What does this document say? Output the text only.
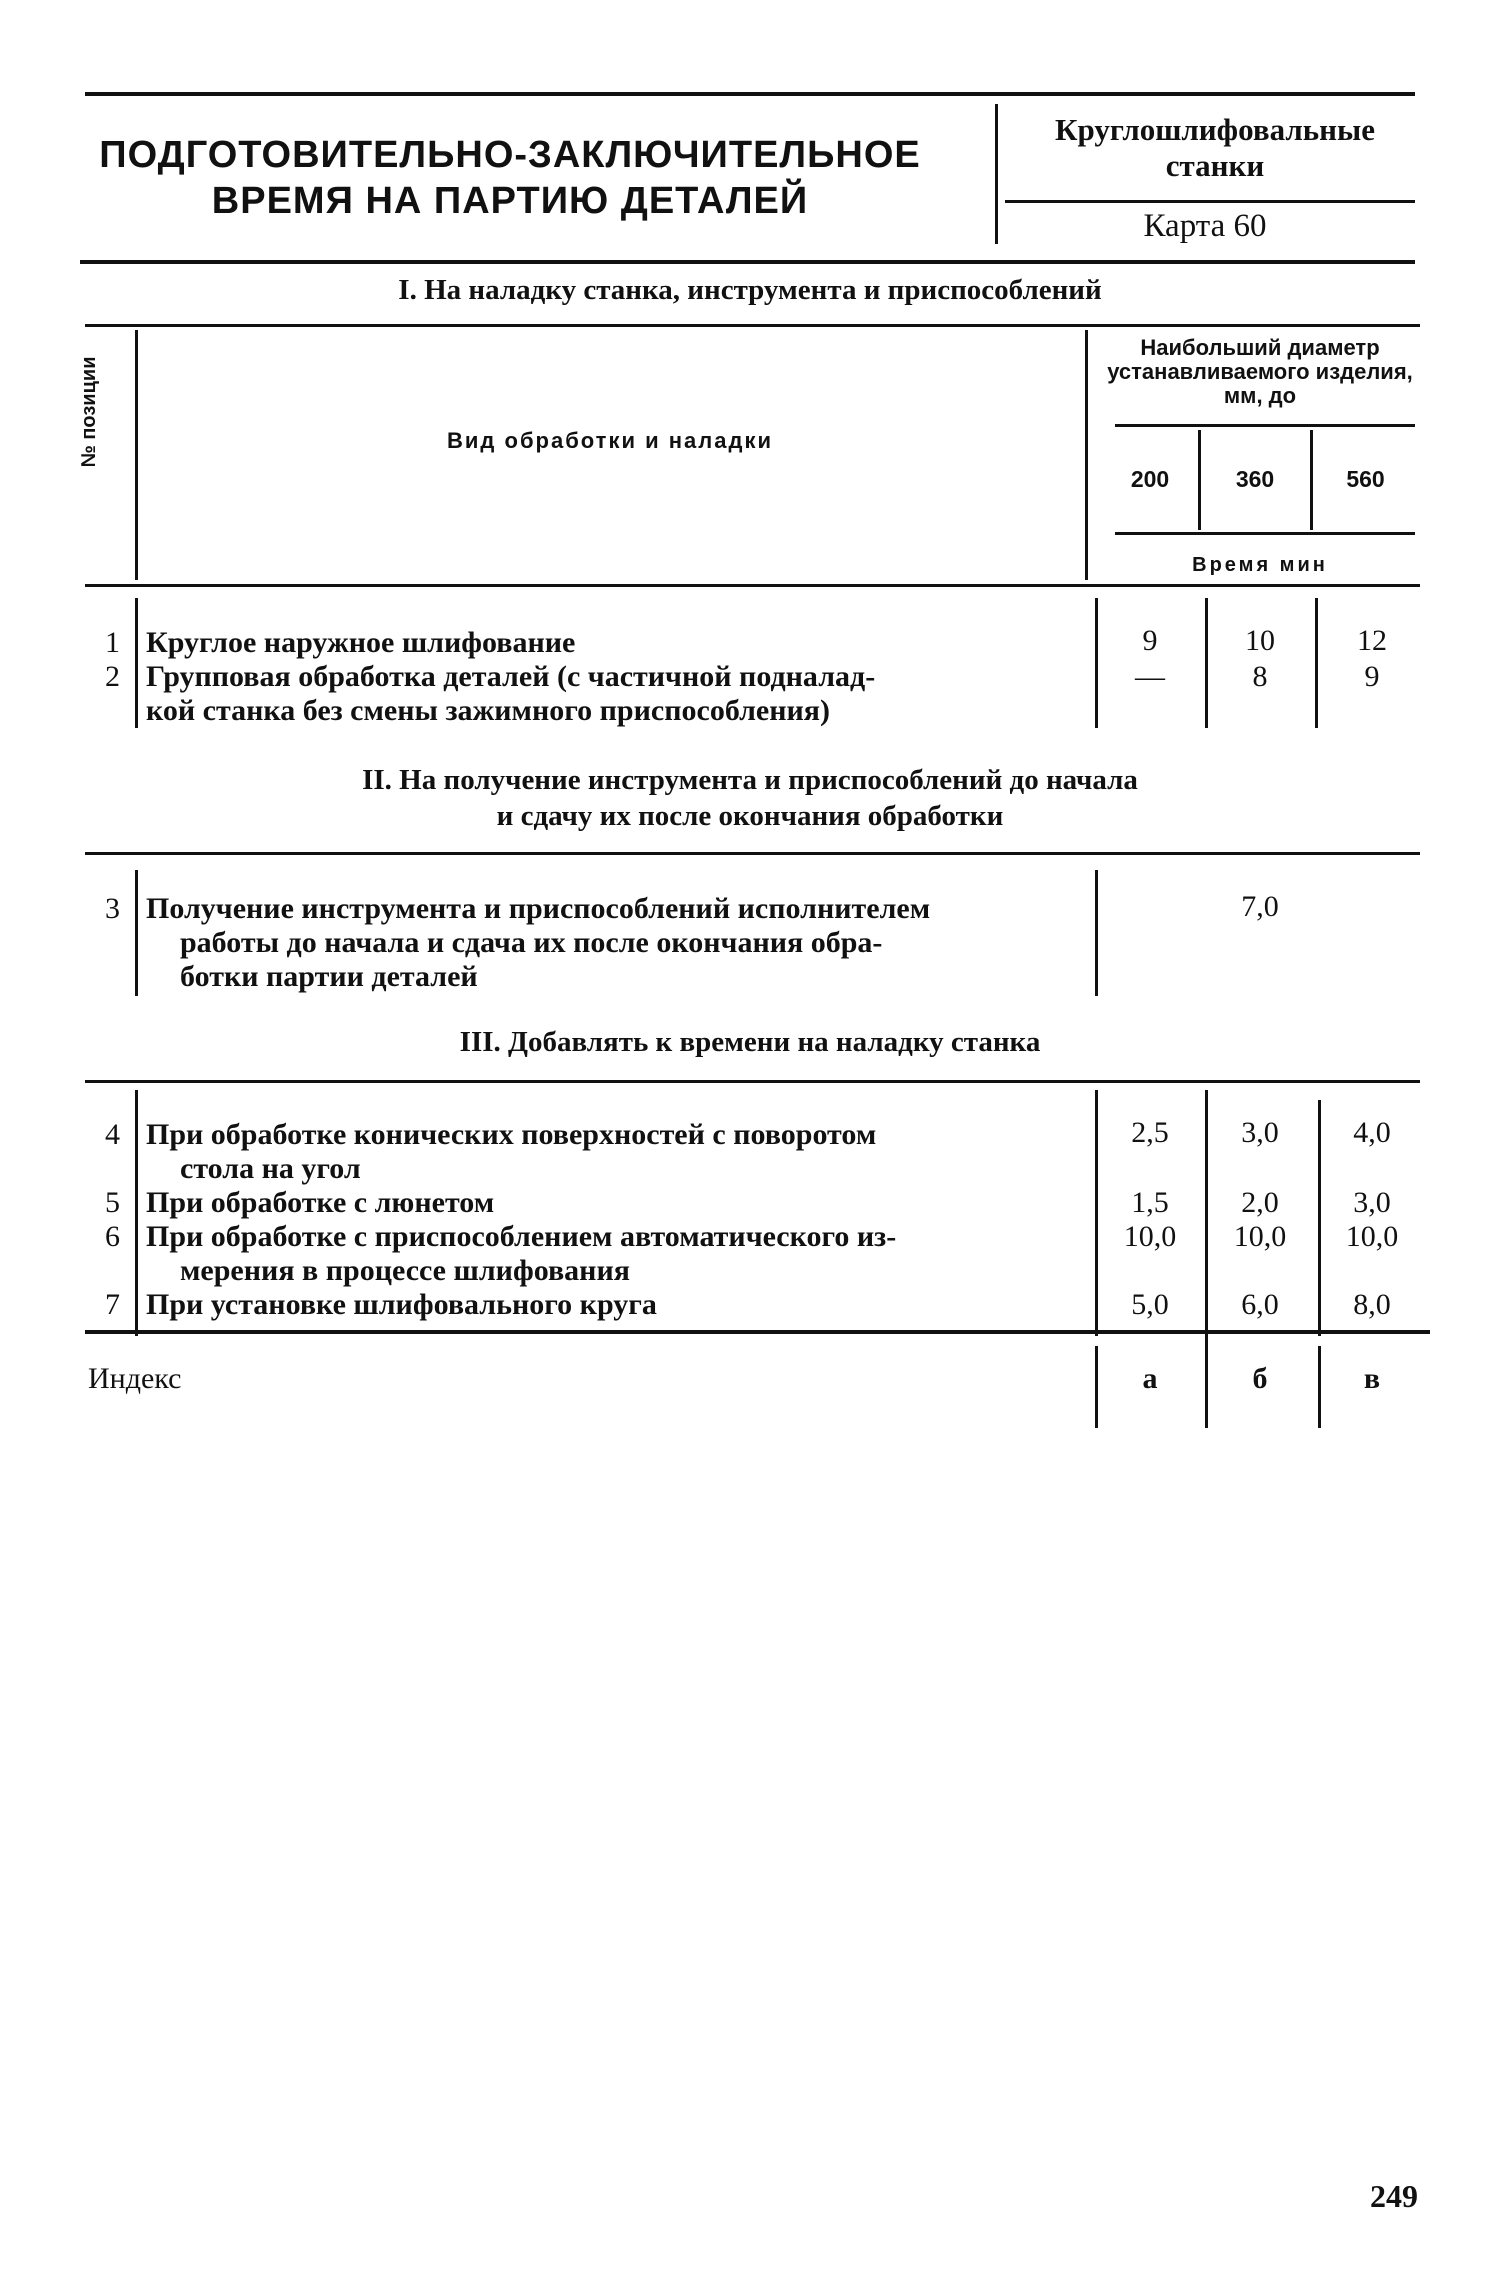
ПОДГОТОВИТЕЛЬНО-ЗАКЛЮЧИТЕЛЬНОЕ
ВРЕМЯ НА ПАРТИЮ ДЕТАЛЕЙ
Круглошлифовальные
станки
Карта 60
I. На наладку станка, инструмента и приспособлений
№ позиции	Вид обработки и наладки
Наибольший диаметр устанавливаемого изделия, мм, до
200	360	560
Время мин
1 Круглое наружное шлифование	9	10	12
2 Групповая обработка деталей (с частичной подналад-
кой станка без смены зажимного приспособления)
—	8	9
II. На получение инструмента и приспособлений до начала
и сдачу их после окончания обработки
3 Получение инструмента и приспособлений исполнителем
работы до начала и сдача их после окончания обра-
ботки партии деталей
7,0
III. Добавлять к времени на наладку станка
4 При обработке конических поверхностей с поворотом
стола на угол
2,5	3,0	4,0
5 При обработке с люнетом	1,5	2,0	3,0
6 При обработке с приспособлением автоматического из-
мерения в процессе шлифования
10,0	10,0	10,0
7 При установке шлифовального круга	5,0	6,0	8,0
Индекс	а	б	в
249
